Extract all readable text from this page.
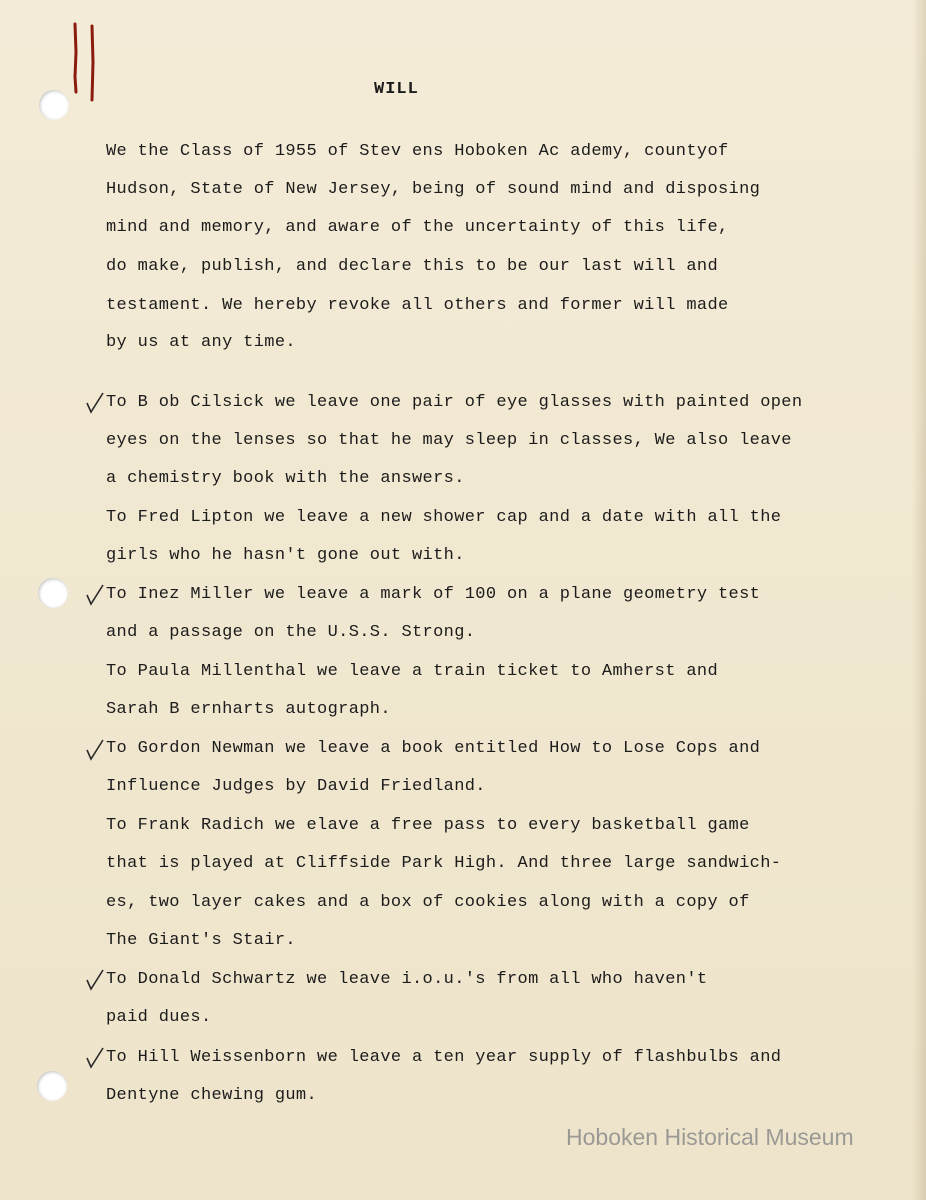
WILL
We the Class of 1955 of Stev ens Hoboken Ac ademy, countyof
Hudson, State of New Jersey, being of sound mind and disposing
mind and memory, and aware of the uncertainty of this life,
do make, publish, and declare this to be our last will and
testament. We hereby revoke all others and former will made
by us at any time.
To B ob Cilsick we leave one pair of eye glasses with painted open
eyes on the lenses so that he may sleep in classes, We also leave
a chemistry book with the answers.
To Fred Lipton we leave a new shower cap and a date with all the
girls who he hasn't gone out with.
To Inez Miller we leave a mark of 100 on a plane geometry test
and a passage on the U.S.S. Strong.
To Paula Millenthal we leave a train ticket to Amherst and
Sarah B ernharts autograph.
To Gordon Newman we leave a book entitled How to Lose Cops and
Influence Judges by David Friedland.
To Frank Radich we elave a free pass to every basketball game
that is played at Cliffside Park High. And three large sandwich-
es, two layer cakes and a box of cookies along with a copy of
The Giant's Stair.
To Donald Schwartz we leave i.o.u.'s from all who haven't
paid dues.
To Hill Weissenborn we leave a ten year supply of flashbulbs and
Dentyne chewing gum.
Hoboken Historical Museum
